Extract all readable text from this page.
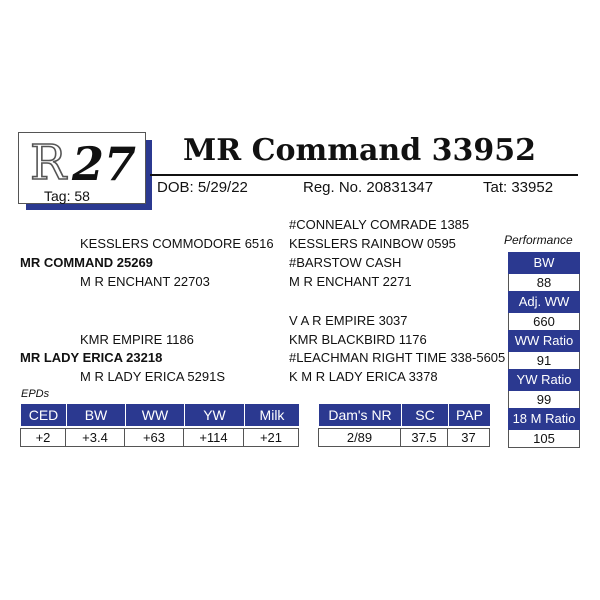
R 27
Tag: 58
MR Command 33952
DOB: 5/29/22	Reg. No. 20831347	Tat: 33952
#CONNEALY COMRADE 1385
KESSLERS COMMODORE 6516 KESSLERS RAINBOW 0595
MR COMMAND 25269	#BARSTOW CASH
M R ENCHANT 22703	M R ENCHANT 2271
V A R EMPIRE 3037
KMR EMPIRE 1186	KMR BLACKBIRD 1176
MR LADY ERICA 23218	#LEACHMAN RIGHT TIME 338-5605
M R LADY ERICA 5291S	K M R LADY ERICA 3378
EPDs
CED	BW	WW	YW	Milk
+2	+3.4	+63	+114	+21
Dam's NR	SC	PAP
2/89	37.5	37
Performance
BW
88
Adj. WW
660
WW Ratio
91
YW Ratio
99
18 M Ratio
105
